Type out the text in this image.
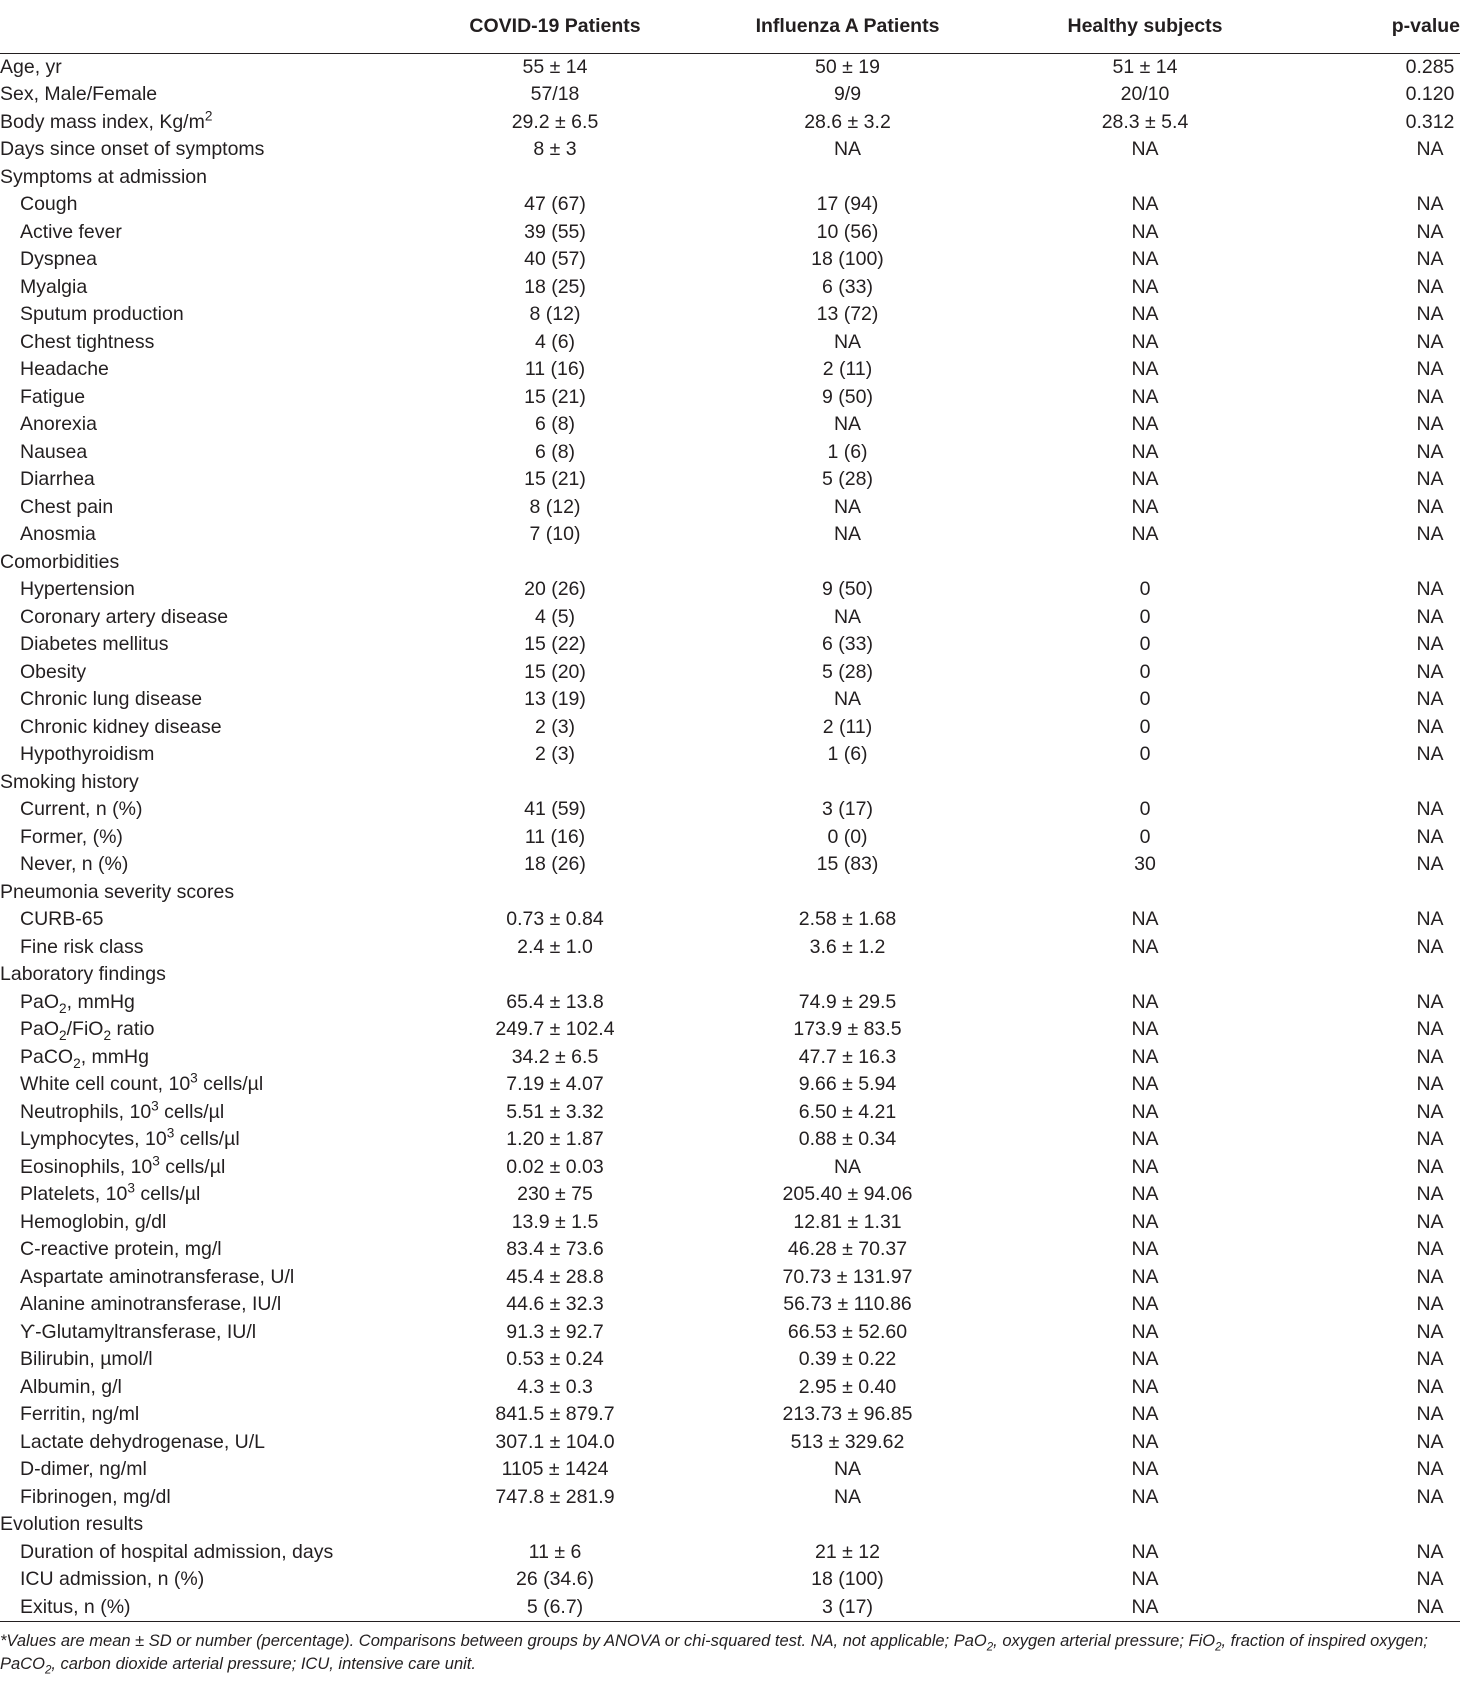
	COVID-19 Patients	Influenza A Patients	Healthy subjects	p-value
Age, yr	55 ± 14	50 ± 19	51 ± 14	0.285
Sex, Male/Female	57/18	9/9	20/10	0.120
Body mass index, $Kg/m^2$	29.2 ± 6.5	28.6 ± 3.2	28.3 ± 5.4	0.312
Days since onset of symptoms	8 ± 3	NA	NA	NA
Symptoms at admission				
Cough	47 (67)	17 (94)	NA	NA
Active fever	39 (55)	10 (56)	NA	NA
Dyspnea	40 (57)	18 (100)	NA	NA
Myalgia	18 (25)	6 (33)	NA	NA
Sputum production	8 (12)	13 (72)	NA	NA
Chest tightness	4 (6)	NA	NA	NA
Headache	11 (16)	2 (11)	NA	NA
Fatigue	15 (21)	9 (50)	NA	NA
Anorexia	6 (8)	NA	NA	NA
Nausea	6 (8)	1 (6)	NA	NA
Diarrhea	15 (21)	5 (28)	NA	NA
Chest pain	8 (12)	NA	NA	NA
Anosmia	7 (10)	NA	NA	NA
Comorbidities				
Hypertension	20 (26)	9 (50)	0	NA
Coronary artery disease	4 (5)	NA	0	NA
Diabetes mellitus	15 (22)	6 (33)	0	NA
Obesity	15 (20)	5 (28)	0	NA
Chronic lung disease	13 (19)	NA	0	NA
Chronic kidney disease	2 (3)	2 (11)	0	NA
Hypothyroidism	2 (3)	1 (6)	0	NA
Smoking history				
Current, n (%)	41 (59)	3 (17)	0	NA
Former, (%)	11 (16)	0 (0)	0	NA
Never, n (%)	18 (26)	15 (83)	30	NA
Pneumonia severity scores				
CURB-65	0.73 ± 0.84	2.58 ± 1.68	NA	NA
Fine risk class	2.4 ± 1.0	3.6 ± 1.2	NA	NA
Laboratory findings				
PaO$_2$, mmHg	65.4 ± 13.8	74.9 ± 29.5	NA	NA
PaO$_2$/FiO$_2$ ratio	249.7 ± 102.4	173.9 ± 83.5	NA	NA
PaCO$_2$, mmHg	34.2 ± 6.5	47.7 ± 16.3	NA	NA
White cell count, $10^3$ cells/µl	7.19 ± 4.07	9.66 ± 5.94	NA	NA
Neutrophils, $10^3$ cells/µl	5.51 ± 3.32	6.50 ± 4.21	NA	NA
Lymphocytes, $10^3$ cells/µl	1.20 ± 1.87	0.88 ± 0.34	NA	NA
Eosinophils, $10^3$ cells/µl	0.02 ± 0.03	NA	NA	NA
Platelets, $10^3$ cells/µl	230 ± 75	205.40 ± 94.06	NA	NA
Hemoglobin, g/dl	13.9 ± 1.5	12.81 ± 1.31	NA	NA
C-reactive protein, mg/l	83.4 ± 73.6	46.28 ± 70.37	NA	NA
Aspartate aminotransferase, U/l	45.4 ± 28.8	70.73 ± 131.97	NA	NA
Alanine aminotransferase, IU/l	44.6 ± 32.3	56.73 ± 110.86	NA	NA
ϒ-Glutamyltransferase, IU/l	91.3 ± 92.7	66.53 ± 52.60	NA	NA
Bilirubin, µmol/l	0.53 ± 0.24	0.39 ± 0.22	NA	NA
Albumin, g/l	4.3 ± 0.3	2.95 ± 0.40	NA	NA
Ferritin, ng/ml	841.5 ± 879.7	213.73 ± 96.85	NA	NA
Lactate dehydrogenase, U/L	307.1 ± 104.0	513 ± 329.62	NA	NA
D-dimer, ng/ml	1105 ± 1424	NA	NA	NA
Fibrinogen, mg/dl	747.8 ± 281.9	NA	NA	NA
Evolution results				
Duration of hospital admission, days	11 ± 6	21 ± 12	NA	NA
ICU admission, n (%)	26 (34.6)	18 (100)	NA	NA
Exitus, n (%)	5 (6.7)	3 (17)	NA	NA

*Values are mean ± SD or number (percentage). Comparisons between groups by ANOVA or chi-squared test. NA, not applicable; PaO$_2$, oxygen arterial pressure; FiO$_2$, fraction of inspired oxygen; PaCO$_2$, carbon dioxide arterial pressure; ICU, intensive care unit.
